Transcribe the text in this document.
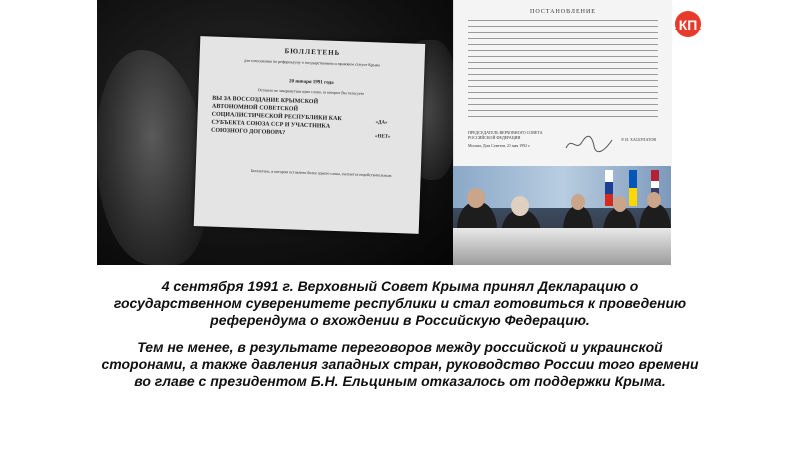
БЮЛЛЕТЕНЬ
для голосования по референдуму о государственном и правовом статусе Крыма
20 января 1991 года
Оставьте не зачеркнутым одно слово, за которое Вы голосуете
ВЫ ЗА ВОССОЗДАНИЕ КРЫМСКОЙ АВТОНОМНОЙ СОВЕТСКОЙ СОЦИАЛИСТИЧЕСКОЙ РЕСПУБЛИКИ КАК СУБЪЕКТА СОЮЗА ССР И УЧАСТНИКА СОЮЗНОГО ДОГОВОРА?
«ДА»
«НЕТ»
Бюллетень, в котором оставлено более одного слова, считается недействительным
ПОСТАНОВЛЕНИЕ
ПРЕДСЕДАТЕЛЬ ВЕРХОВНОГО СОВЕТА РОССИЙСКОЙ ФЕДЕРАЦИИ
Москва, Дом Советов, 21 мая 1992 г.
Р. И. ХАСБУЛАТОВ
КП

4 сентября 1991 г. Верховный Совет Крыма принял Декларацию о государственном суверенитете республики и стал готовиться к проведению референдума о вхождении в Российскую Федерацию.

Тем не менее, в результате переговоров между российской и украинской сторонами, а также давления западных стран, руководство России того времени во главе с президентом Б.Н. Ельциным отказалось от поддержки Крыма.
